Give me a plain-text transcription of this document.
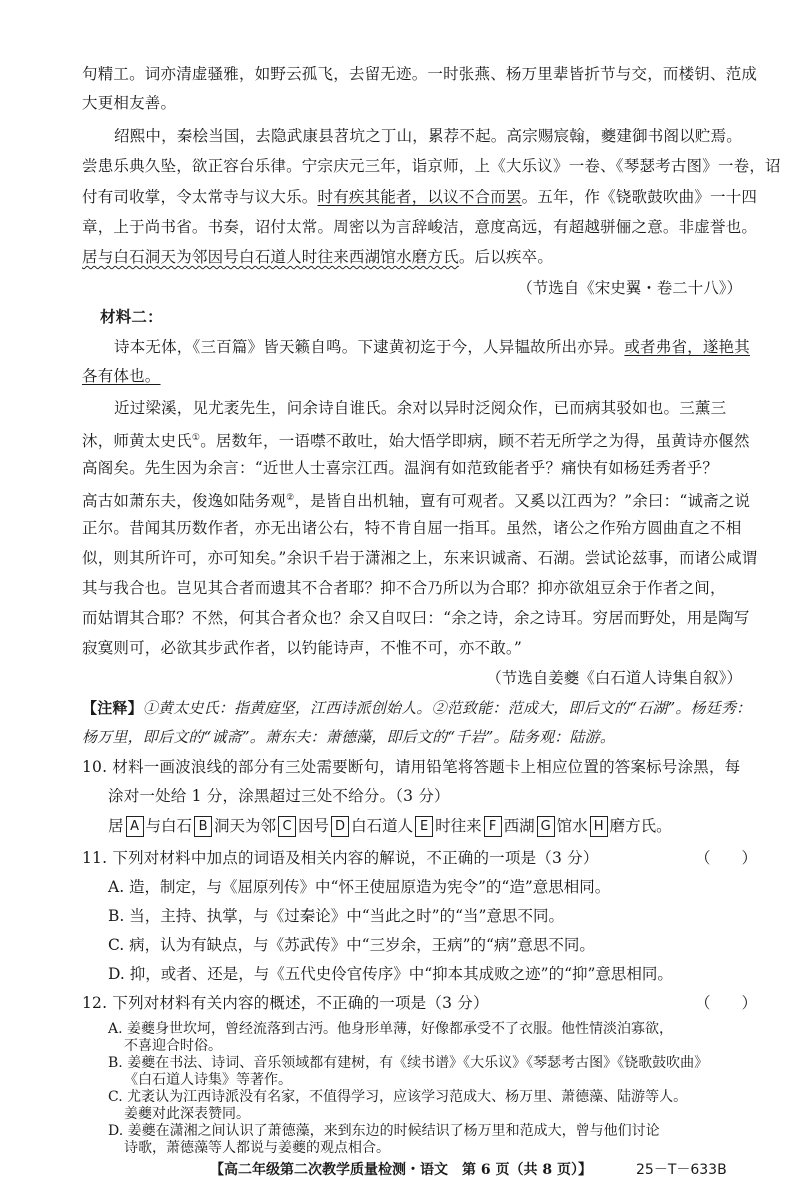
句精工。词亦清虚骚雅，如野云孤飞，去留无迹。一时张燕、杨万里辈皆折节与交，而楼钥、范成
大更相友善。
绍熙中，秦桧当国，去隐武康县苕坑之丁山，累荐不起。高宗赐宸翰，夔建御书阁以贮焉。
尝患乐典久坠，欲正容台乐律。宁宗庆元三年，诣京师，上《大乐议》一卷、《琴瑟考古图》一卷，诏
付有司收掌，令太常寺与议大乐。时有疾其能者，以议不合而罢。五年，作《铙歌鼓吹曲》一十四
章，上于尚书省。书奏，诏付太常。周密以为言辞峻洁，意度高远，有超越骈俪之意。非虚誉也。
居与白石洞天为邻因号白石道人时往来西湖馆水磨方氏。后以疾卒。
（节选自《宋史翼・卷二十八》）
材料二：
诗本无体，《三百篇》皆天籁自鸣。下逮黄初迄于今，人异韫故所出亦异。或者弗省，遂艳其
各有体也。
近过梁溪，见尤袤先生，问余诗自谁氏。余对以异时泛阅众作，已而病其驳如也。三薰三
沐，师黄太史氏①。居数年，一语噤不敢吐，始大悟学即病，顾不若无所学之为得，虽黄诗亦偃然
高阁矣。先生因为余言：“近世人士喜宗江西。温润有如范致能者乎？痛快有如杨廷秀者乎？
高古如萧东夫，俊逸如陆务观②，是皆自出机轴，亶有可观者。又奚以江西为？”余曰：“诚斋之说
正尔。昔闻其历数作者，亦无出诸公右，特不肯自屈一指耳。虽然，诸公之作殆方圆曲直之不相
似，则其所许可，亦可知矣。”余识千岩于潇湘之上，东来识诚斋、石湖。尝试论兹事，而诸公咸谓
其与我合也。岂见其合者而遗其不合者耶？抑不合乃所以为合耶？抑亦欲俎豆余于作者之间，
而姑谓其合耶？不然，何其合者众也？余又自叹曰：“余之诗，余之诗耳。穷居而野处，用是陶写
寂寞则可，必欲其步武作者，以钓能诗声，不惟不可，亦不敢。”
（节选自姜夔《白石道人诗集自叙》）
【注释】①黄太史氏：指黄庭坚，江西诗派创始人。②范致能：范成大，即后文的“石湖”。杨廷秀：
杨万里，即后文的“诚斋”。萧东夫：萧德藻，即后文的“千岩”。陆务观：陆游。
10. 材料一画波浪线的部分有三处需要断句，请用铅笔将答题卡上相应位置的答案标号涂黑，每
涂对一处给 1 分，涂黑超过三处不给分。（3 分）
居 A 与白石 B 洞天为邻 C 因号 D 白石道人 E 时往来 F 西湖 G 馆水 H 磨方氏。
11. 下列对材料中加点的词语及相关内容的解说，不正确的一项是（3 分）	（　　）
A. 造，制定，与《屈原列传》中“怀王使屈原造为宪令”的“造”意思相同。
B. 当，主持、执掌，与《过秦论》中“当此之时”的“当”意思不同。
C. 病，认为有缺点，与《苏武传》中“三岁余，王病”的“病”意思不同。
D. 抑，或者、还是，与《五代史伶官传序》中“抑本其成败之迹”的“抑”意思相同。
12. 下列对材料有关内容的概述，不正确的一项是（3 分）	（　　）
A. 姜夔身世坎坷，曾经流落到古沔。他身形单薄，好像都承受不了衣服。他性情淡泊寡欲，
不喜迎合时俗。
B. 姜夔在书法、诗词、音乐领域都有建树，有《续书谱》《大乐议》《琴瑟考古图》《铙歌鼓吹曲》
《白石道人诗集》等著作。
C. 尤袤认为江西诗派没有名家，不值得学习，应该学习范成大、杨万里、萧德藻、陆游等人。
姜夔对此深表赞同。
D. 姜夔在潇湘之间认识了萧德藻，来到东边的时候结识了杨万里和范成大，曾与他们讨论
诗歌，萧德藻等人都说与姜夔的观点相合。
【高二年级第二次教学质量检测・语文　第 6 页（共 8 页）】	25－T－633B
